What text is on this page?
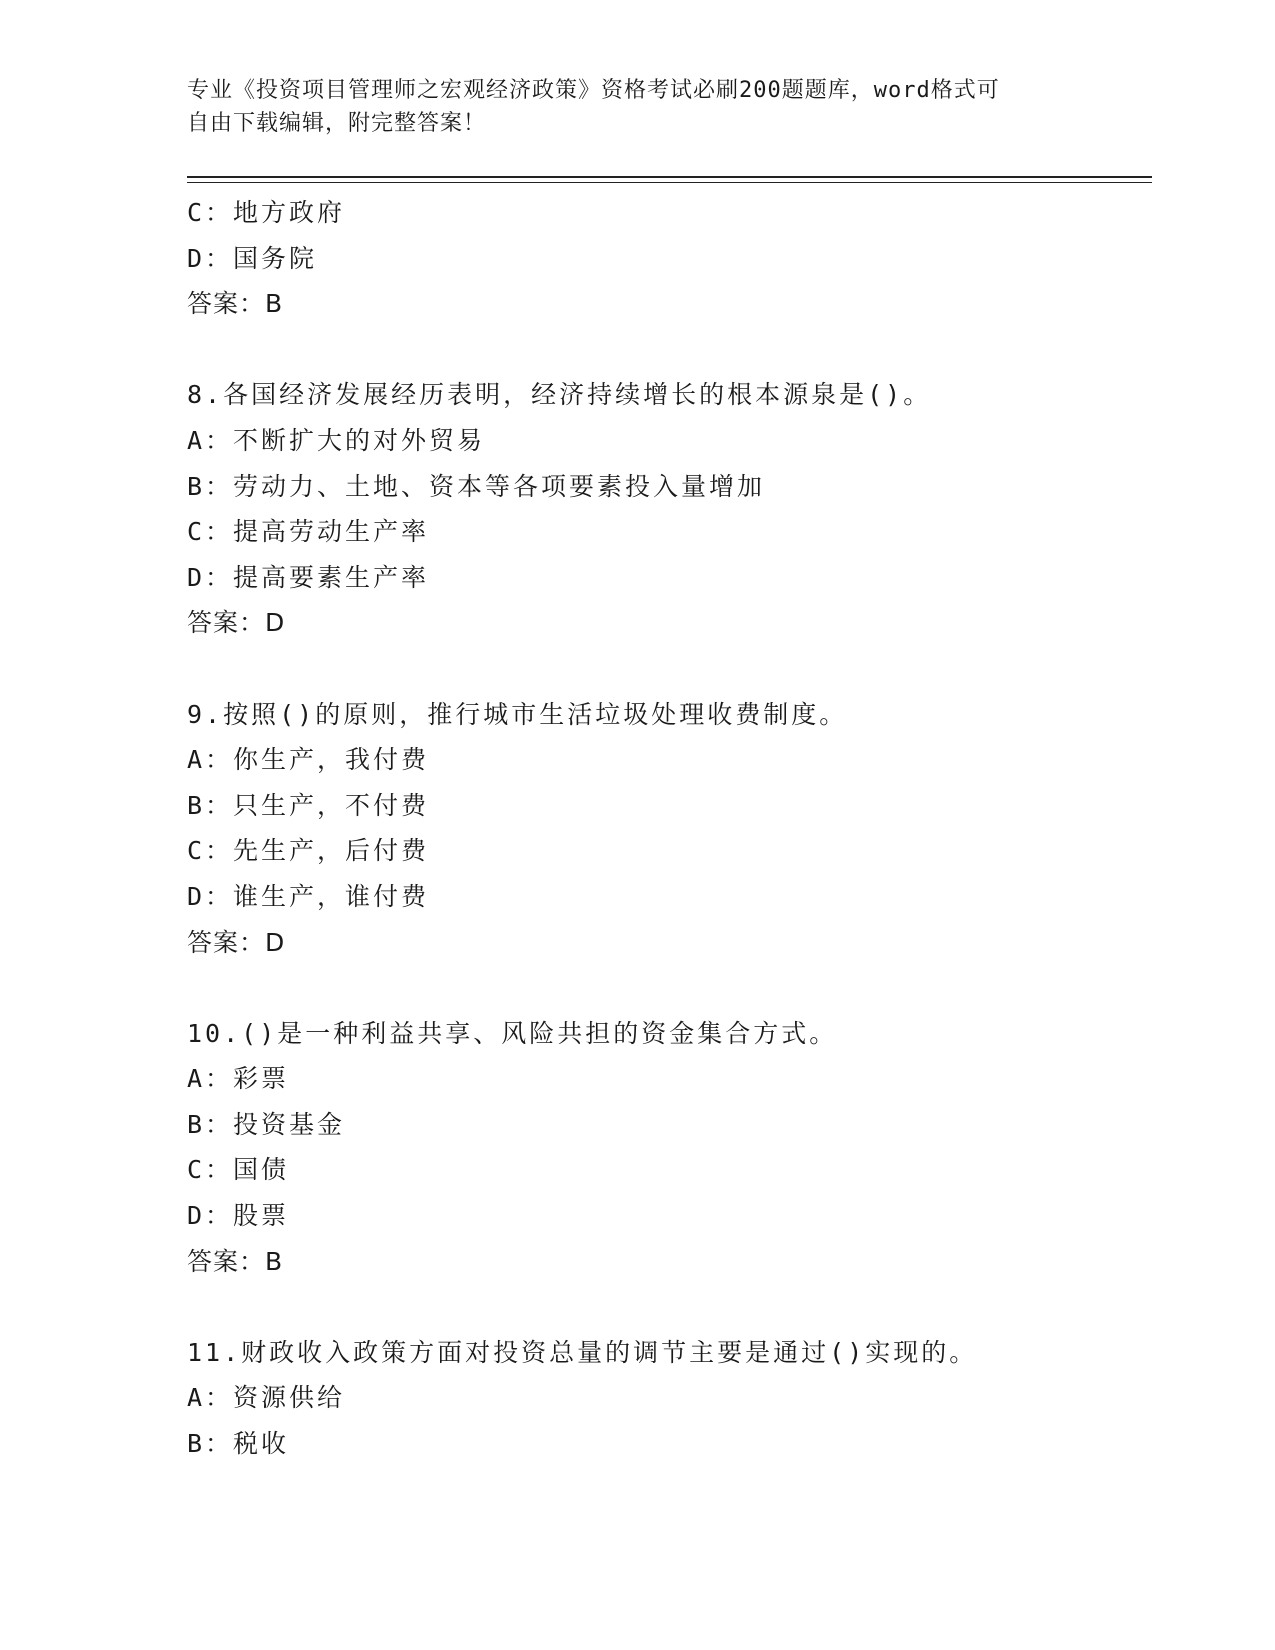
专业《投资项目管理师之宏观经济政策》资格考试必刷200题题库，word格式可
自由下载编辑，附完整答案！
C：地方政府
D：国务院
答案：B
8.各国经济发展经历表明，经济持续增长的根本源泉是()。
A：不断扩大的对外贸易
B：劳动力、土地、资本等各项要素投入量增加
C：提高劳动生产率
D：提高要素生产率
答案：D
9.按照()的原则，推行城市生活垃圾处理收费制度。
A：你生产，我付费
B：只生产，不付费
C：先生产，后付费
D：谁生产，谁付费
答案：D
10.()是一种利益共享、风险共担的资金集合方式。
A：彩票
B：投资基金
C：国债
D：股票
答案：B
11.财政收入政策方面对投资总量的调节主要是通过()实现的。
A：资源供给
B：税收
